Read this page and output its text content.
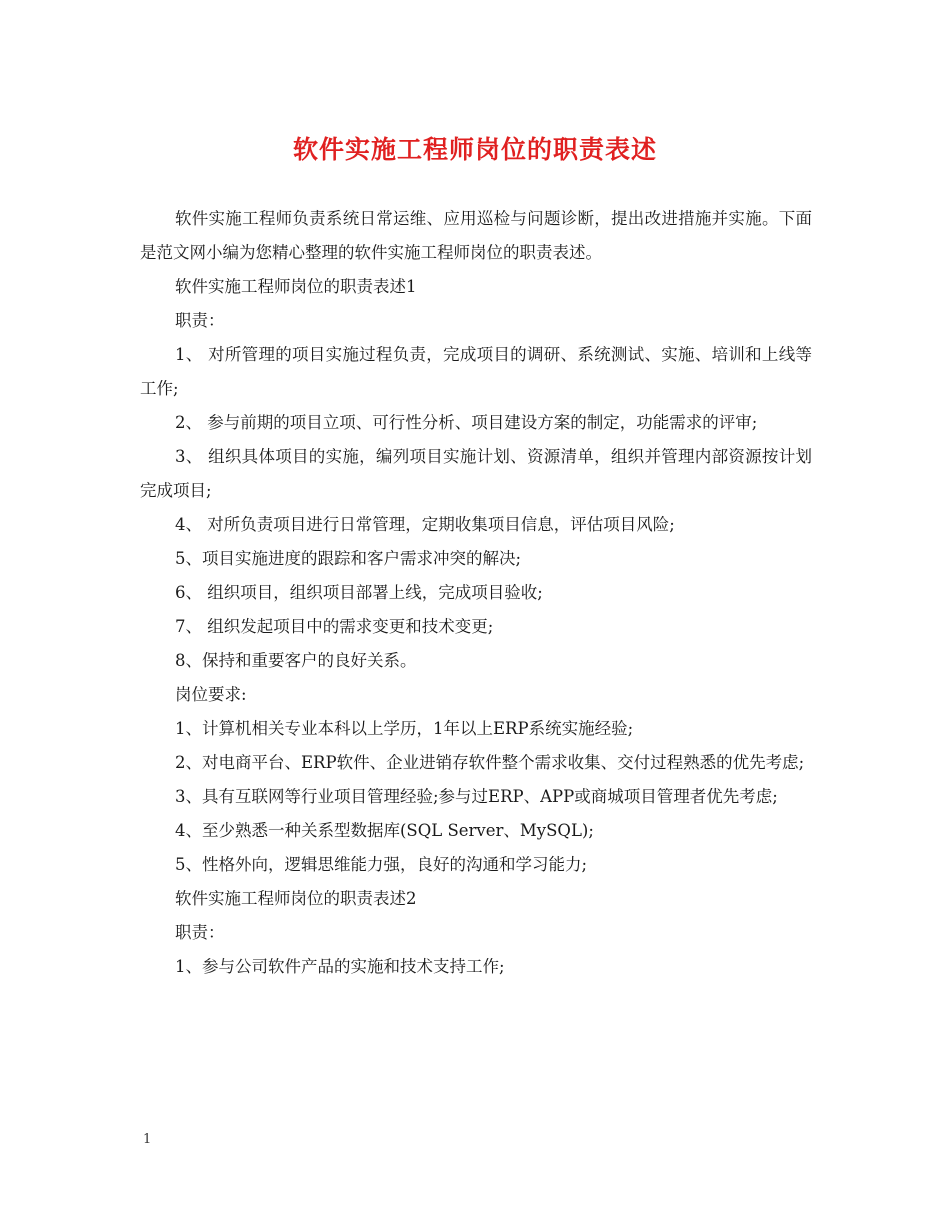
软件实施工程师岗位的职责表述

软件实施工程师负责系统日常运维、应用巡检与问题诊断，提出改进措施并实施。下面是范文网小编为您精心整理的软件实施工程师岗位的职责表述。

软件实施工程师岗位的职责表述1

职责：

1、 对所管理的项目实施过程负责，完成项目的调研、系统测试、实施、培训和上线等工作;

2、 参与前期的项目立项、可行性分析、项目建设方案的制定，功能需求的评审;

3、 组织具体项目的实施，编列项目实施计划、资源清单，组织并管理内部资源按计划完成项目;

4、 对所负责项目进行日常管理，定期收集项目信息，评估项目风险;

5、项目实施进度的跟踪和客户需求冲突的解决;

6、 组织项目，组织项目部署上线，完成项目验收;

7、 组织发起项目中的需求变更和技术变更;

8、保持和重要客户的良好关系。

岗位要求:

1、计算机相关专业本科以上学历，1年以上ERP系统实施经验;

2、对电商平台、ERP软件、企业进销存软件整个需求收集、交付过程熟悉的优先考虑;

3、具有互联网等行业项目管理经验;参与过ERP、APP或商城项目管理者优先考虑;

4、至少熟悉一种关系型数据库(SQL Server、MySQL);

5、性格外向，逻辑思维能力强，良好的沟通和学习能力;

软件实施工程师岗位的职责表述2

职责：

1、参与公司软件产品的实施和技术支持工作;

1
